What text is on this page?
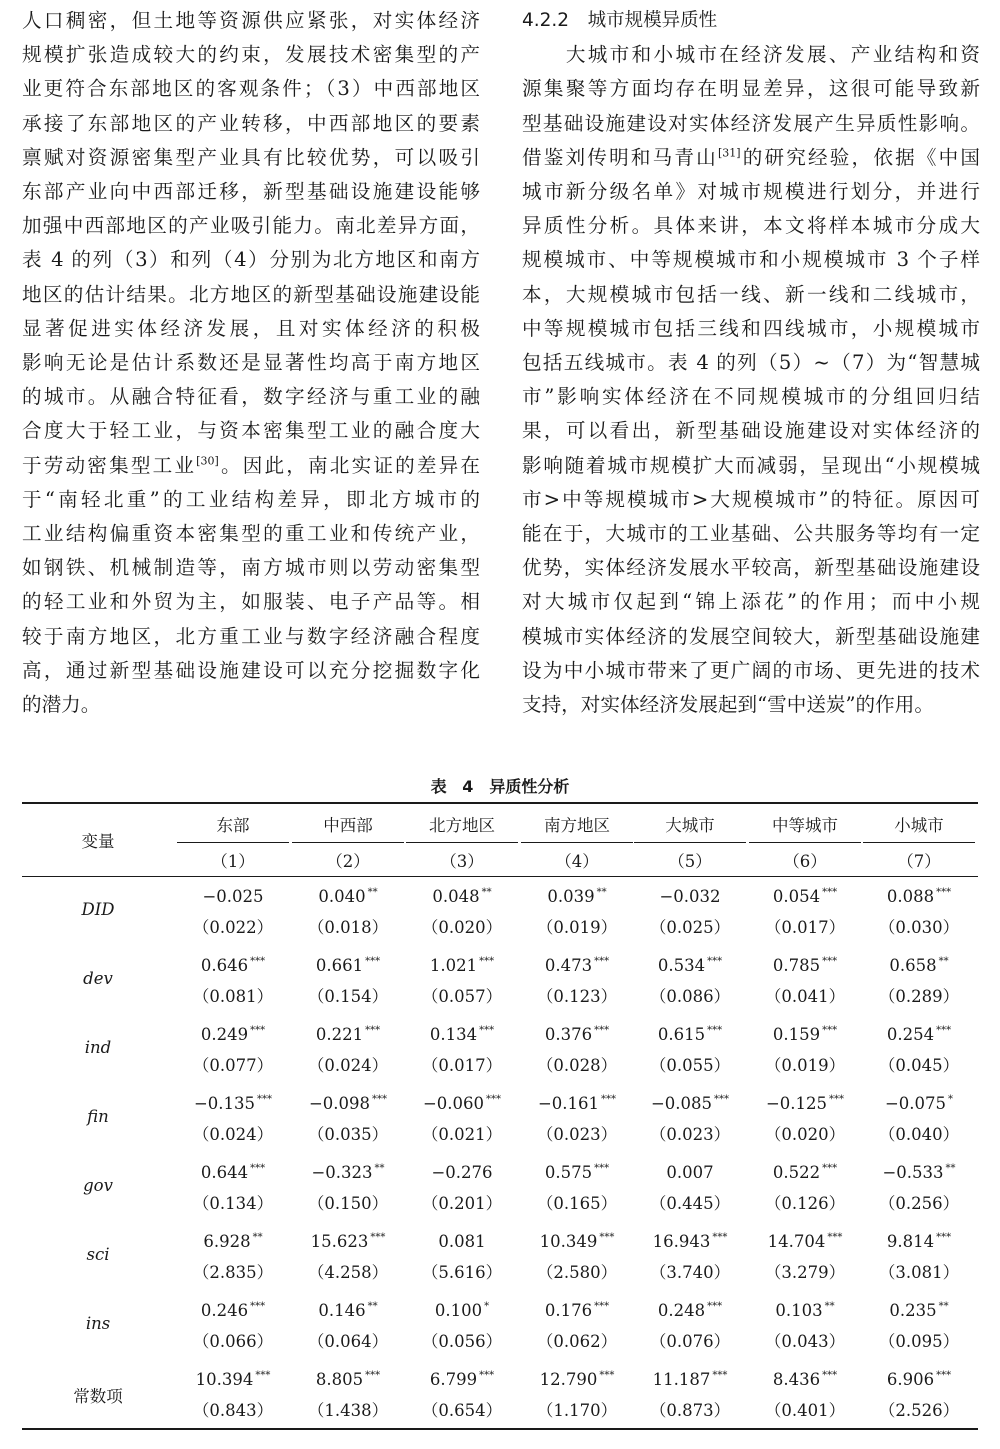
人口稠密，但土地等资源供应紧张，对实体经济
规模扩张造成较大的约束，发展技术密集型的产
业更符合东部地区的客观条件；（3）中西部地区
承接了东部地区的产业转移，中西部地区的要素
禀赋对资源密集型产业具有比较优势，可以吸引
东部产业向中西部迁移，新型基础设施建设能够
加强中西部地区的产业吸引能力。南北差异方面，
表 4 的列（3）和列（4）分别为北方地区和南方
地区的估计结果。北方地区的新型基础设施建设能
显著促进实体经济发展，且对实体经济的积极
影响无论是估计系数还是显著性均高于南方地区
的城市。从融合特征看，数字经济与重工业的融
合度大于轻工业，与资本密集型工业的融合度大
于劳动密集型工业[30]。因此，南北实证的差异在
于“南轻北重”的工业结构差异，即北方城市的
工业结构偏重资本密集型的重工业和传统产业，
如钢铁、机械制造等，南方城市则以劳动密集型
的轻工业和外贸为主，如服装、电子产品等。相
较于南方地区，北方重工业与数字经济融合程度
高，通过新型基础设施建设可以充分挖掘数字化
的潜力。
4.2.2　城市规模异质性
　　大城市和小城市在经济发展、产业结构和资
源集聚等方面均存在明显差异，这很可能导致新
型基础设施建设对实体经济发展产生异质性影响。
借鉴刘传明和马青山[31]的研究经验，依据《中国
城市新分级名单》对城市规模进行划分，并进行
异质性分析。具体来讲，本文将样本城市分成大
规模城市、中等规模城市和小规模城市 3 个子样
本，大规模城市包括一线、新一线和二线城市，
中等规模城市包括三线和四线城市，小规模城市
包括五线城市。表 4 的列（5）~（7）为“智慧城
市”影响实体经济在不同规模城市的分组回归结
果，可以看出，新型基础设施建设对实体经济的
影响随着城市规模扩大而减弱，呈现出“小规模城
市>中等规模城市>大规模城市”的特征。原因可
能在于，大城市的工业基础、公共服务等均有一定
优势，实体经济发展水平较高，新型基础设施建设
对大城市仅起到“锦上添花”的作用；而中小规
模城市实体经济的发展空间较大，新型基础设施建
设为中小城市带来了更广阔的市场、更先进的技术
支持，对实体经济发展起到“雪中送炭”的作用。
表 4　异质性分析
变量
东部
（1）
中西部
（2）
北方地区
（3）
南方地区
（4）
大城市
（5）
中等城市
（6）
小城市
（7）
DID
−0.025
（0.022）
0.040 **
（0.018）
0.048 **
（0.020）
0.039 **
（0.019）
−0.032
（0.025）
0.054 ***
（0.017）
0.088 ***
（0.030）
dev
0.646 ***
（0.081）
0.661 ***
（0.154）
1.021 ***
（0.057）
0.473 ***
（0.123）
0.534 ***
（0.086）
0.785 ***
（0.041）
0.658 **
（0.289）
ind
0.249 ***
（0.077）
0.221 ***
（0.024）
0.134 ***
（0.017）
0.376 ***
（0.028）
0.615 ***
（0.055）
0.159 ***
（0.019）
0.254 ***
（0.045）
fin
−0.135 ***
（0.024）
−0.098 ***
（0.035）
−0.060 ***
（0.021）
−0.161 ***
（0.023）
−0.085 ***
（0.023）
−0.125 ***
（0.020）
−0.075 *
（0.040）
gov
0.644 ***
（0.134）
−0.323 **
（0.150）
−0.276
（0.201）
0.575 ***
（0.165）
0.007
（0.445）
0.522 ***
（0.126）
−0.533 **
（0.256）
sci
6.928 **
（2.835）
15.623 ***
（4.258）
0.081
（5.616）
10.349 ***
（2.580）
16.943 ***
（3.740）
14.704 ***
（3.279）
9.814 ***
（3.081）
ins
0.246 ***
（0.066）
0.146 **
（0.064）
0.100 *
（0.056）
0.176 ***
（0.062）
0.248 ***
（0.076）
0.103 **
（0.043）
0.235 **
（0.095）
常数项
10.394 ***
（0.843）
8.805 ***
（1.438）
6.799 ***
（0.654）
12.790 ***
（1.170）
11.187 ***
（0.873）
8.436 ***
（0.401）
6.906 ***
（2.526）
